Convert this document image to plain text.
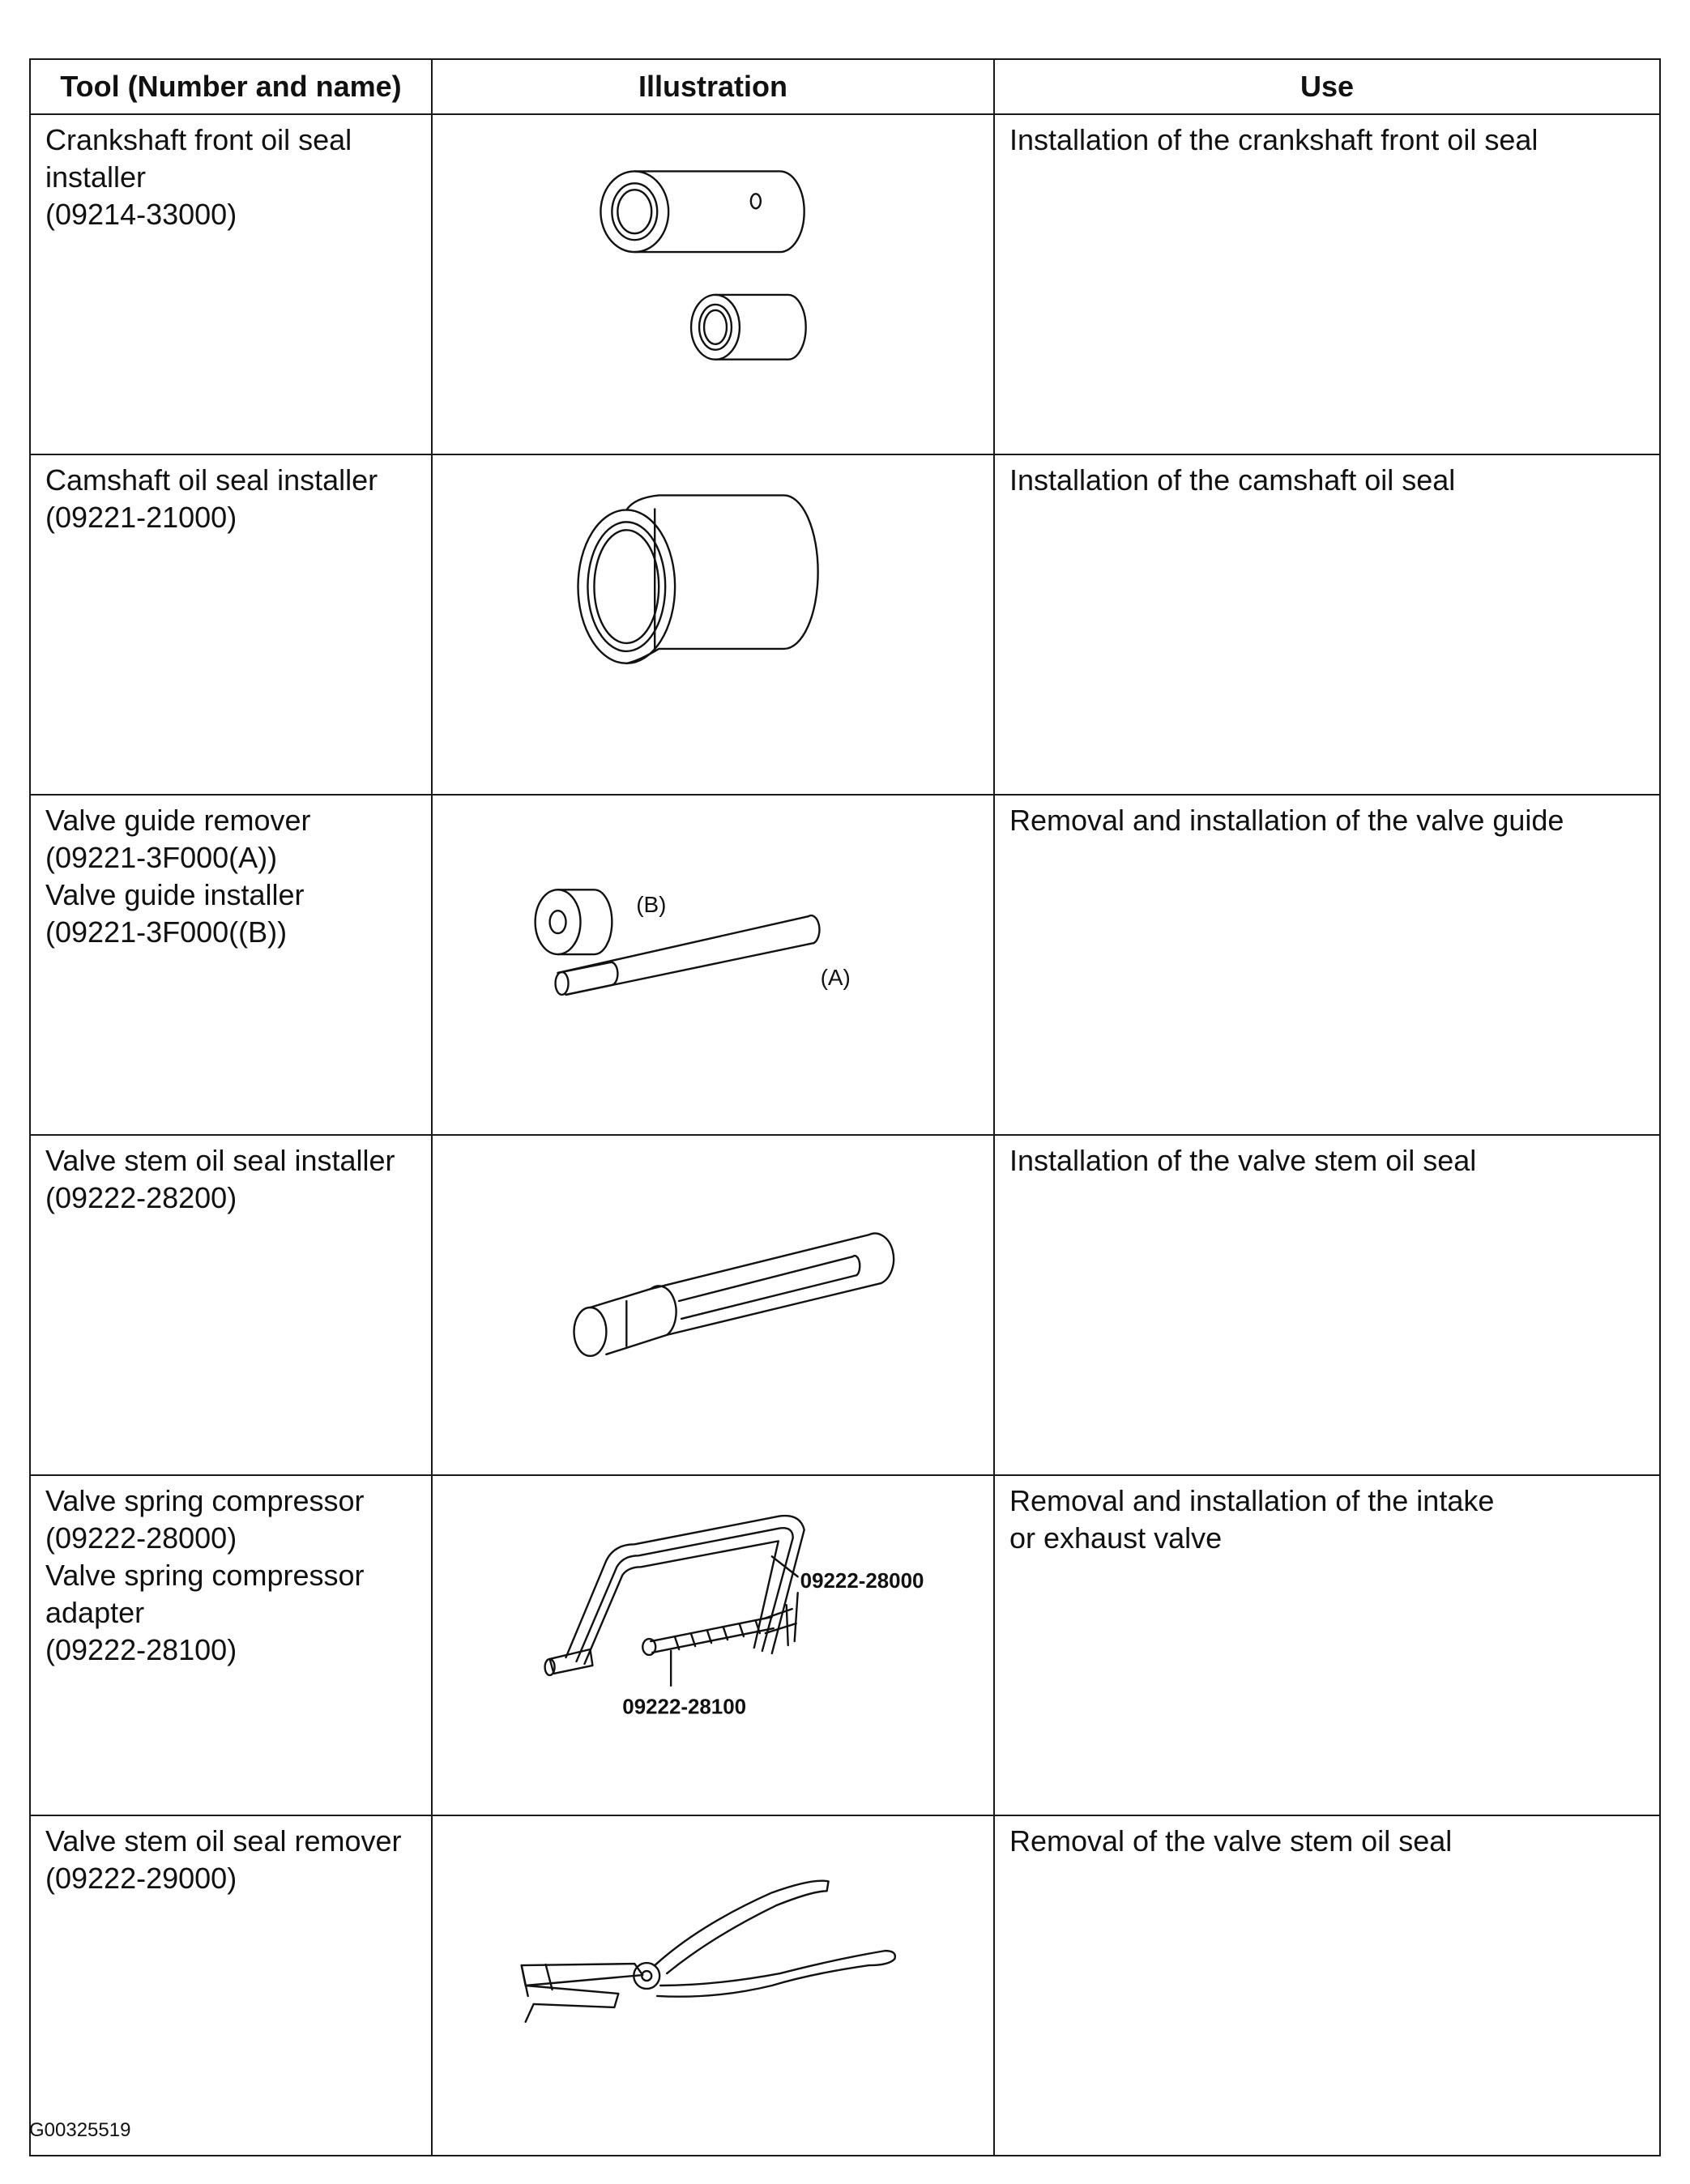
Tool (Number and name)	Illustration	Use

Crankshaft front oil seal
installer
(09214-33000)		Installation of the crankshaft front oil seal

Camshaft oil seal installer
(09221-21000)		Installation of the camshaft oil seal

Valve guide remover
(09221-3F000(A))
Valve guide installer
(09221-3F000((B))	(B)
(A)	Removal and installation of the valve guide

Valve stem oil seal installer
(09222-28200)		Installation of the valve stem oil seal

Valve spring compressor
(09222-28000)
Valve spring compressor
adapter
(09222-28100)	09222-28000
09222-28100	Removal and installation of the intake
or exhaust valve

Valve stem oil seal remover
(09222-29000)		Removal of the valve stem oil seal
G00325519
